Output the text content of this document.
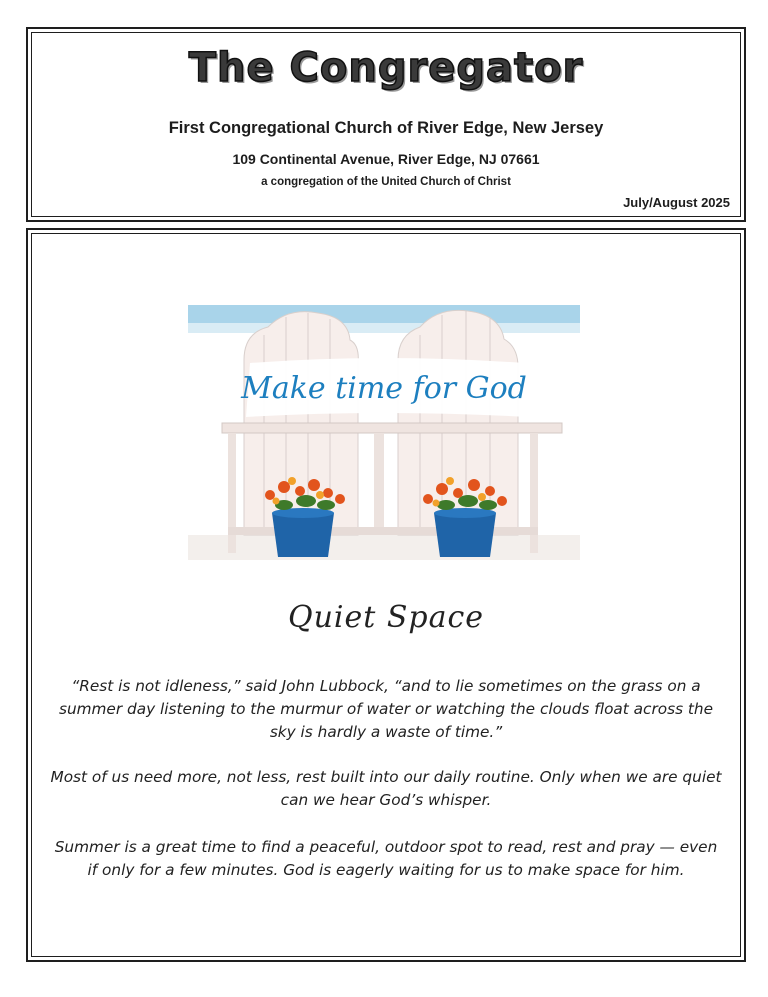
The Congregator
First Congregational Church of River Edge, New Jersey
109 Continental Avenue, River Edge, NJ 07661
a congregation of the United Church of Christ
July/August 2025
Quiet Space

“Rest is not idleness,” said John Lubbock, “and to lie sometimes on the grass on a summer day listening to the murmur of water or watching the clouds float across the sky is hardly a waste of time.”

Most of us need more, not less, rest built into our daily routine. Only when we are quiet can we hear God’s whisper.

Summer is a great time to find a peaceful, outdoor spot to read, rest and pray — even if only for a few minutes. God is eagerly waiting for us to make space for him.

Make time for God
